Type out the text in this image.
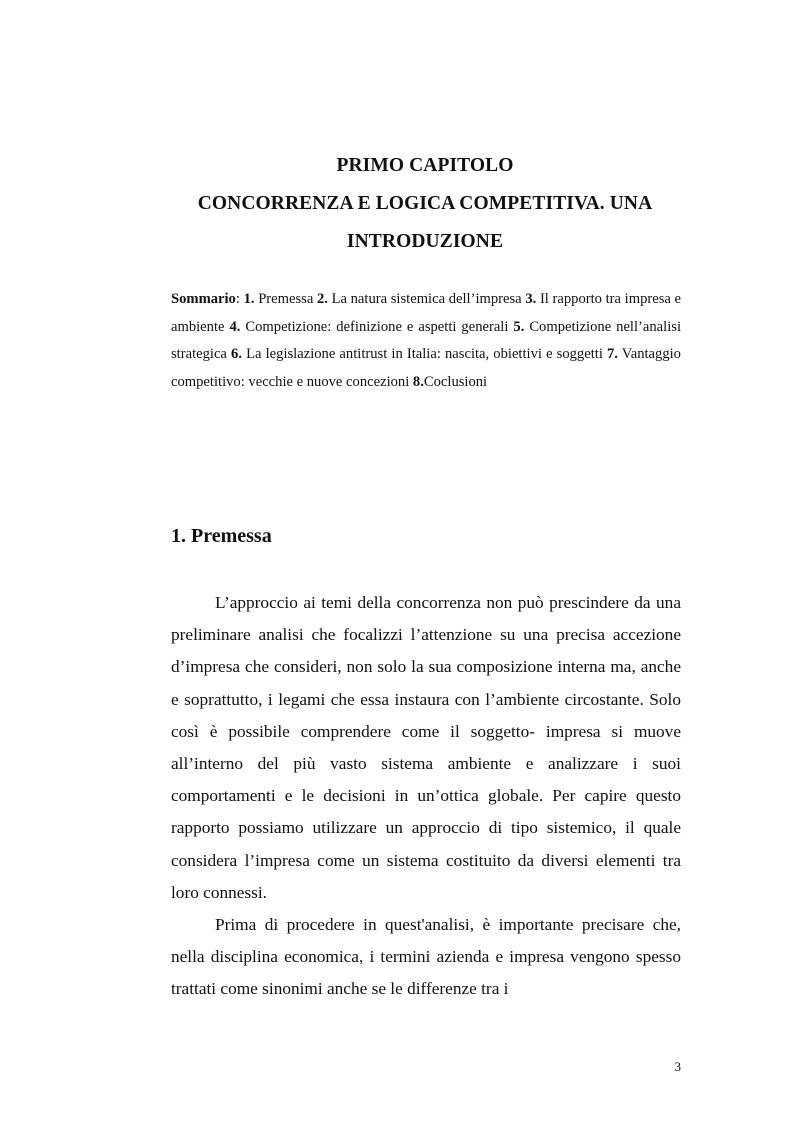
PRIMO CAPITOLO
CONCORRENZA E LOGICA COMPETITIVA. UNA
INTRODUZIONE
Sommario: 1. Premessa 2. La natura sistemica dell’impresa 3. Il rapporto tra impresa e ambiente 4. Competizione: definizione e aspetti generali 5. Competizione nell’analisi strategica 6. La legislazione antitrust in Italia: nascita, obiettivi e soggetti 7. Vantaggio competitivo: vecchie e nuove concezioni 8.Coclusioni
1. Premessa

L’approccio ai temi della concorrenza non può prescindere da una preliminare analisi che focalizzi l’attenzione su una precisa accezione d’impresa che consideri, non solo la sua composizione interna ma, anche e soprattutto, i legami che essa instaura con l’ambiente circostante. Solo così è possibile comprendere come il soggetto- impresa si muove all’interno del più vasto sistema ambiente e analizzare i suoi comportamenti e le decisioni in un’ottica globale. Per capire questo rapporto possiamo utilizzare un approccio di tipo sistemico, il quale considera l’impresa come un sistema costituito da diversi elementi tra loro connessi.

Prima di procedere in quest'analisi, è importante precisare che, nella disciplina economica, i termini azienda e impresa vengono spesso trattati come sinonimi anche se le differenze tra i

3
